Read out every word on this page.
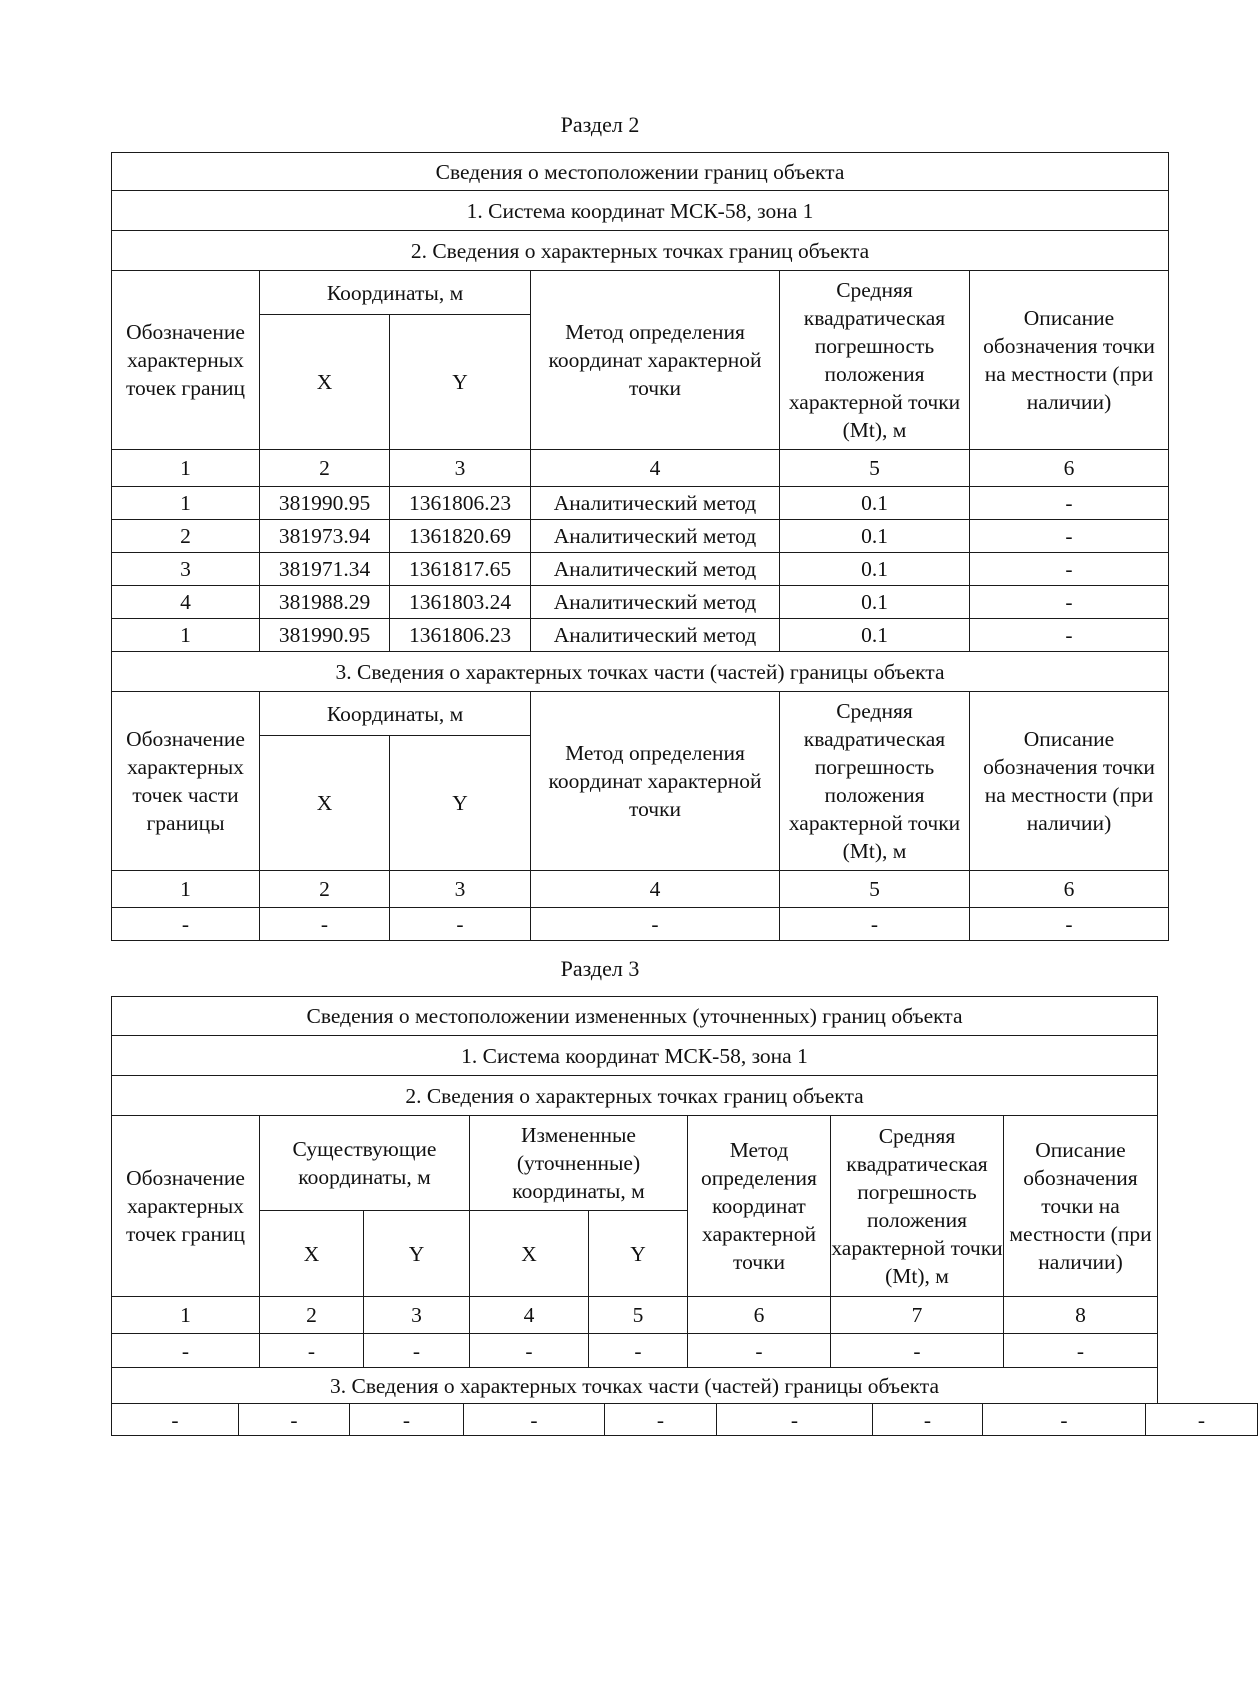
Раздел 2
Сведения о местоположении границ объекта					
1. Система координат МСК-58, зона 1					
2. Сведения о характерных точках границ объекта					
Обозначение характерных точек границ	Координаты, м		Метод определения координат характерной точки	Средняя квадратическая погрешность положения характерной точки (Mt), м	Описание обозначения точки на местности (при наличии)
	X	Y			
1	2	3	4	5	6
1	381990.95	1361806.23	Аналитический метод	0.1	-
2	381973.94	1361820.69	Аналитический метод	0.1	-
3	381971.34	1361817.65	Аналитический метод	0.1	-
4	381988.29	1361803.24	Аналитический метод	0.1	-
1	381990.95	1361806.23	Аналитический метод	0.1	-
3. Сведения о характерных точках части (частей) границы объекта					
Обозначение характерных точек части границы	Координаты, м		Метод определения координат характерной точки	Средняя квадратическая погрешность положения характерной точки (Mt), м	Описание обозначения точки на местности (при наличии)
	X	Y			
1	2	3	4	5	6
-	-	-	-	-	-
Раздел 3
Сведения о местоположении измененных (уточненных) границ объекта							
1. Система координат МСК-58, зона 1							
2. Сведения о характерных точках границ объекта							
Обозначение характерных точек границ	Существующие координаты, м		Измененные (уточненные) координаты, м		Метод определения координат характерной точки	Средняя квадратическая погрешность положения характерной точки (Mt), м	Описание обозначения точки на местности (при наличии)
	X	Y	X	Y			
1	2	3	4	5	6	7	8
-	-	-	-	-	-	-	-
3. Сведения о характерных точках части (частей) границы объекта							
-	-	-	-	-	-	-	-	-
